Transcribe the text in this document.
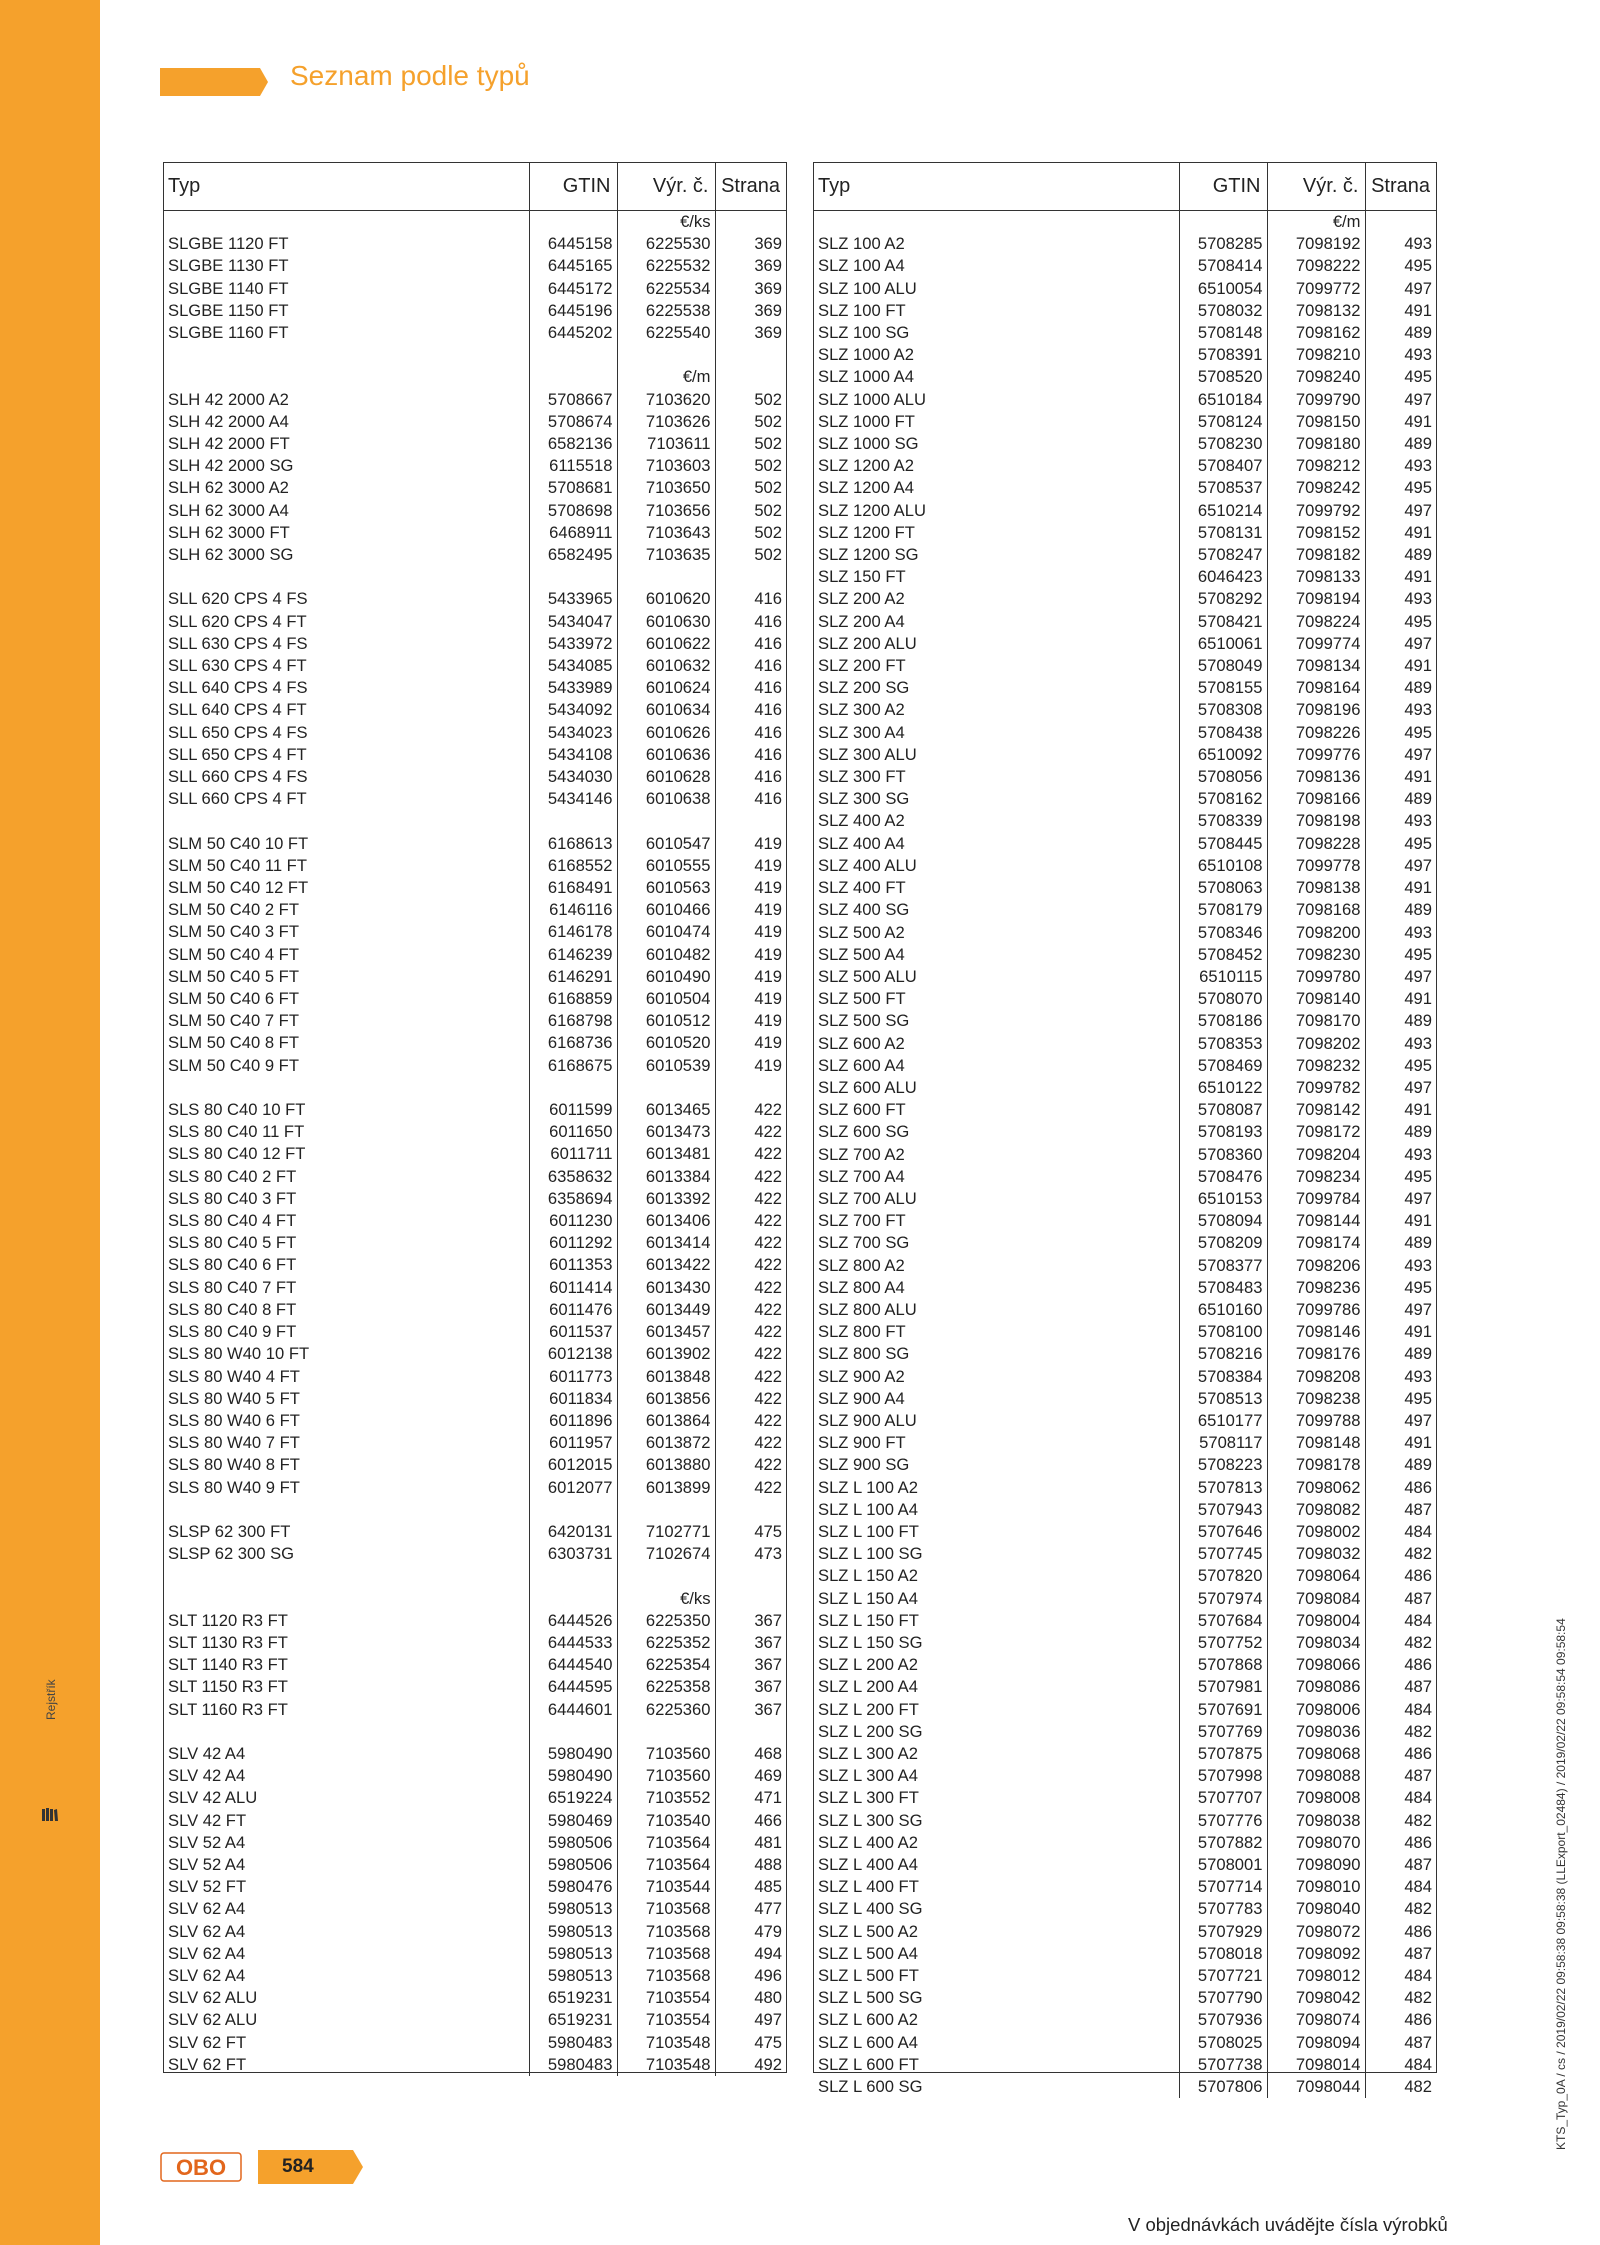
Rejstřík
Seznam podle typů
Typ	GTIN	Výr. č.	Strana
		€/ks	
SLGBE 1120 FT	6445158	6225530	369
SLGBE 1130 FT	6445165	6225532	369
SLGBE 1140 FT	6445172	6225534	369
SLGBE 1150 FT	6445196	6225538	369
SLGBE 1160 FT	6445202	6225540	369

		€/m	
SLH 42 2000 A2	5708667	7103620	502
SLH 42 2000 A4	5708674	7103626	502
SLH 42 2000 FT	6582136	7103611	502
SLH 42 2000 SG	6115518	7103603	502
SLH 62 3000 A2	5708681	7103650	502
SLH 62 3000 A4	5708698	7103656	502
SLH 62 3000 FT	6468911	7103643	502
SLH 62 3000 SG	6582495	7103635	502

SLL 620 CPS 4 FS	5433965	6010620	416
SLL 620 CPS 4 FT	5434047	6010630	416
SLL 630 CPS 4 FS	5433972	6010622	416
SLL 630 CPS 4 FT	5434085	6010632	416
SLL 640 CPS 4 FS	5433989	6010624	416
SLL 640 CPS 4 FT	5434092	6010634	416
SLL 650 CPS 4 FS	5434023	6010626	416
SLL 650 CPS 4 FT	5434108	6010636	416
SLL 660 CPS 4 FS	5434030	6010628	416
SLL 660 CPS 4 FT	5434146	6010638	416

SLM 50 C40 10 FT	6168613	6010547	419
SLM 50 C40 11 FT	6168552	6010555	419
SLM 50 C40 12 FT	6168491	6010563	419
SLM 50 C40 2 FT	6146116	6010466	419
SLM 50 C40 3 FT	6146178	6010474	419
SLM 50 C40 4 FT	6146239	6010482	419
SLM 50 C40 5 FT	6146291	6010490	419
SLM 50 C40 6 FT	6168859	6010504	419
SLM 50 C40 7 FT	6168798	6010512	419
SLM 50 C40 8 FT	6168736	6010520	419
SLM 50 C40 9 FT	6168675	6010539	419

SLS 80 C40 10 FT	6011599	6013465	422
SLS 80 C40 11 FT	6011650	6013473	422
SLS 80 C40 12 FT	6011711	6013481	422
SLS 80 C40 2 FT	6358632	6013384	422
SLS 80 C40 3 FT	6358694	6013392	422
SLS 80 C40 4 FT	6011230	6013406	422
SLS 80 C40 5 FT	6011292	6013414	422
SLS 80 C40 6 FT	6011353	6013422	422
SLS 80 C40 7 FT	6011414	6013430	422
SLS 80 C40 8 FT	6011476	6013449	422
SLS 80 C40 9 FT	6011537	6013457	422
SLS 80 W40 10 FT	6012138	6013902	422
SLS 80 W40 4 FT	6011773	6013848	422
SLS 80 W40 5 FT	6011834	6013856	422
SLS 80 W40 6 FT	6011896	6013864	422
SLS 80 W40 7 FT	6011957	6013872	422
SLS 80 W40 8 FT	6012015	6013880	422
SLS 80 W40 9 FT	6012077	6013899	422

SLSP 62 300 FT	6420131	7102771	475
SLSP 62 300 SG	6303731	7102674	473

		€/ks	
SLT 1120 R3 FT	6444526	6225350	367
SLT 1130 R3 FT	6444533	6225352	367
SLT 1140 R3 FT	6444540	6225354	367
SLT 1150 R3 FT	6444595	6225358	367
SLT 1160 R3 FT	6444601	6225360	367

SLV 42 A4	5980490	7103560	468
SLV 42 A4	5980490	7103560	469
SLV 42 ALU	6519224	7103552	471
SLV 42 FT	5980469	7103540	466
SLV 52 A4	5980506	7103564	481
SLV 52 A4	5980506	7103564	488
SLV 52 FT	5980476	7103544	485
SLV 62 A4	5980513	7103568	477
SLV 62 A4	5980513	7103568	479
SLV 62 A4	5980513	7103568	494
SLV 62 A4	5980513	7103568	496
SLV 62 ALU	6519231	7103554	480
SLV 62 ALU	6519231	7103554	497
SLV 62 FT	5980483	7103548	475
SLV 62 FT	5980483	7103548	492
Typ	GTIN	Výr. č.	Strana
		€/m	
SLZ 100 A2	5708285	7098192	493
SLZ 100 A4	5708414	7098222	495
SLZ 100 ALU	6510054	7099772	497
SLZ 100 FT	5708032	7098132	491
SLZ 100 SG	5708148	7098162	489
SLZ 1000 A2	5708391	7098210	493
SLZ 1000 A4	5708520	7098240	495
SLZ 1000 ALU	6510184	7099790	497
SLZ 1000 FT	5708124	7098150	491
SLZ 1000 SG	5708230	7098180	489
SLZ 1200 A2	5708407	7098212	493
SLZ 1200 A4	5708537	7098242	495
SLZ 1200 ALU	6510214	7099792	497
SLZ 1200 FT	5708131	7098152	491
SLZ 1200 SG	5708247	7098182	489
SLZ 150 FT	6046423	7098133	491
SLZ 200 A2	5708292	7098194	493
SLZ 200 A4	5708421	7098224	495
SLZ 200 ALU	6510061	7099774	497
SLZ 200 FT	5708049	7098134	491
SLZ 200 SG	5708155	7098164	489
SLZ 300 A2	5708308	7098196	493
SLZ 300 A4	5708438	7098226	495
SLZ 300 ALU	6510092	7099776	497
SLZ 300 FT	5708056	7098136	491
SLZ 300 SG	5708162	7098166	489
SLZ 400 A2	5708339	7098198	493
SLZ 400 A4	5708445	7098228	495
SLZ 400 ALU	6510108	7099778	497
SLZ 400 FT	5708063	7098138	491
SLZ 400 SG	5708179	7098168	489
SLZ 500 A2	5708346	7098200	493
SLZ 500 A4	5708452	7098230	495
SLZ 500 ALU	6510115	7099780	497
SLZ 500 FT	5708070	7098140	491
SLZ 500 SG	5708186	7098170	489
SLZ 600 A2	5708353	7098202	493
SLZ 600 A4	5708469	7098232	495
SLZ 600 ALU	6510122	7099782	497
SLZ 600 FT	5708087	7098142	491
SLZ 600 SG	5708193	7098172	489
SLZ 700 A2	5708360	7098204	493
SLZ 700 A4	5708476	7098234	495
SLZ 700 ALU	6510153	7099784	497
SLZ 700 FT	5708094	7098144	491
SLZ 700 SG	5708209	7098174	489
SLZ 800 A2	5708377	7098206	493
SLZ 800 A4	5708483	7098236	495
SLZ 800 ALU	6510160	7099786	497
SLZ 800 FT	5708100	7098146	491
SLZ 800 SG	5708216	7098176	489
SLZ 900 A2	5708384	7098208	493
SLZ 900 A4	5708513	7098238	495
SLZ 900 ALU	6510177	7099788	497
SLZ 900 FT	5708117	7098148	491
SLZ 900 SG	5708223	7098178	489
SLZ L 100 A2	5707813	7098062	486
SLZ L 100 A4	5707943	7098082	487
SLZ L 100 FT	5707646	7098002	484
SLZ L 100 SG	5707745	7098032	482
SLZ L 150 A2	5707820	7098064	486
SLZ L 150 A4	5707974	7098084	487
SLZ L 150 FT	5707684	7098004	484
SLZ L 150 SG	5707752	7098034	482
SLZ L 200 A2	5707868	7098066	486
SLZ L 200 A4	5707981	7098086	487
SLZ L 200 FT	5707691	7098006	484
SLZ L 200 SG	5707769	7098036	482
SLZ L 300 A2	5707875	7098068	486
SLZ L 300 A4	5707998	7098088	487
SLZ L 300 FT	5707707	7098008	484
SLZ L 300 SG	5707776	7098038	482
SLZ L 400 A2	5707882	7098070	486
SLZ L 400 A4	5708001	7098090	487
SLZ L 400 FT	5707714	7098010	484
SLZ L 400 SG	5707783	7098040	482
SLZ L 500 A2	5707929	7098072	486
SLZ L 500 A4	5708018	7098092	487
SLZ L 500 FT	5707721	7098012	484
SLZ L 500 SG	5707790	7098042	482
SLZ L 600 A2	5707936	7098074	486
SLZ L 600 A4	5708025	7098094	487
SLZ L 600 FT	5707738	7098014	484
SLZ L 600 SG	5707806	7098044	482
OBO	584
V objednávkách uvádějte čísla výrobků
KTS_Typ_0A / cs / 2019/02/22 09:58:38 09:58:38 (LLExport_02484) / 2019/02/22 09:58:54 09:58:54
